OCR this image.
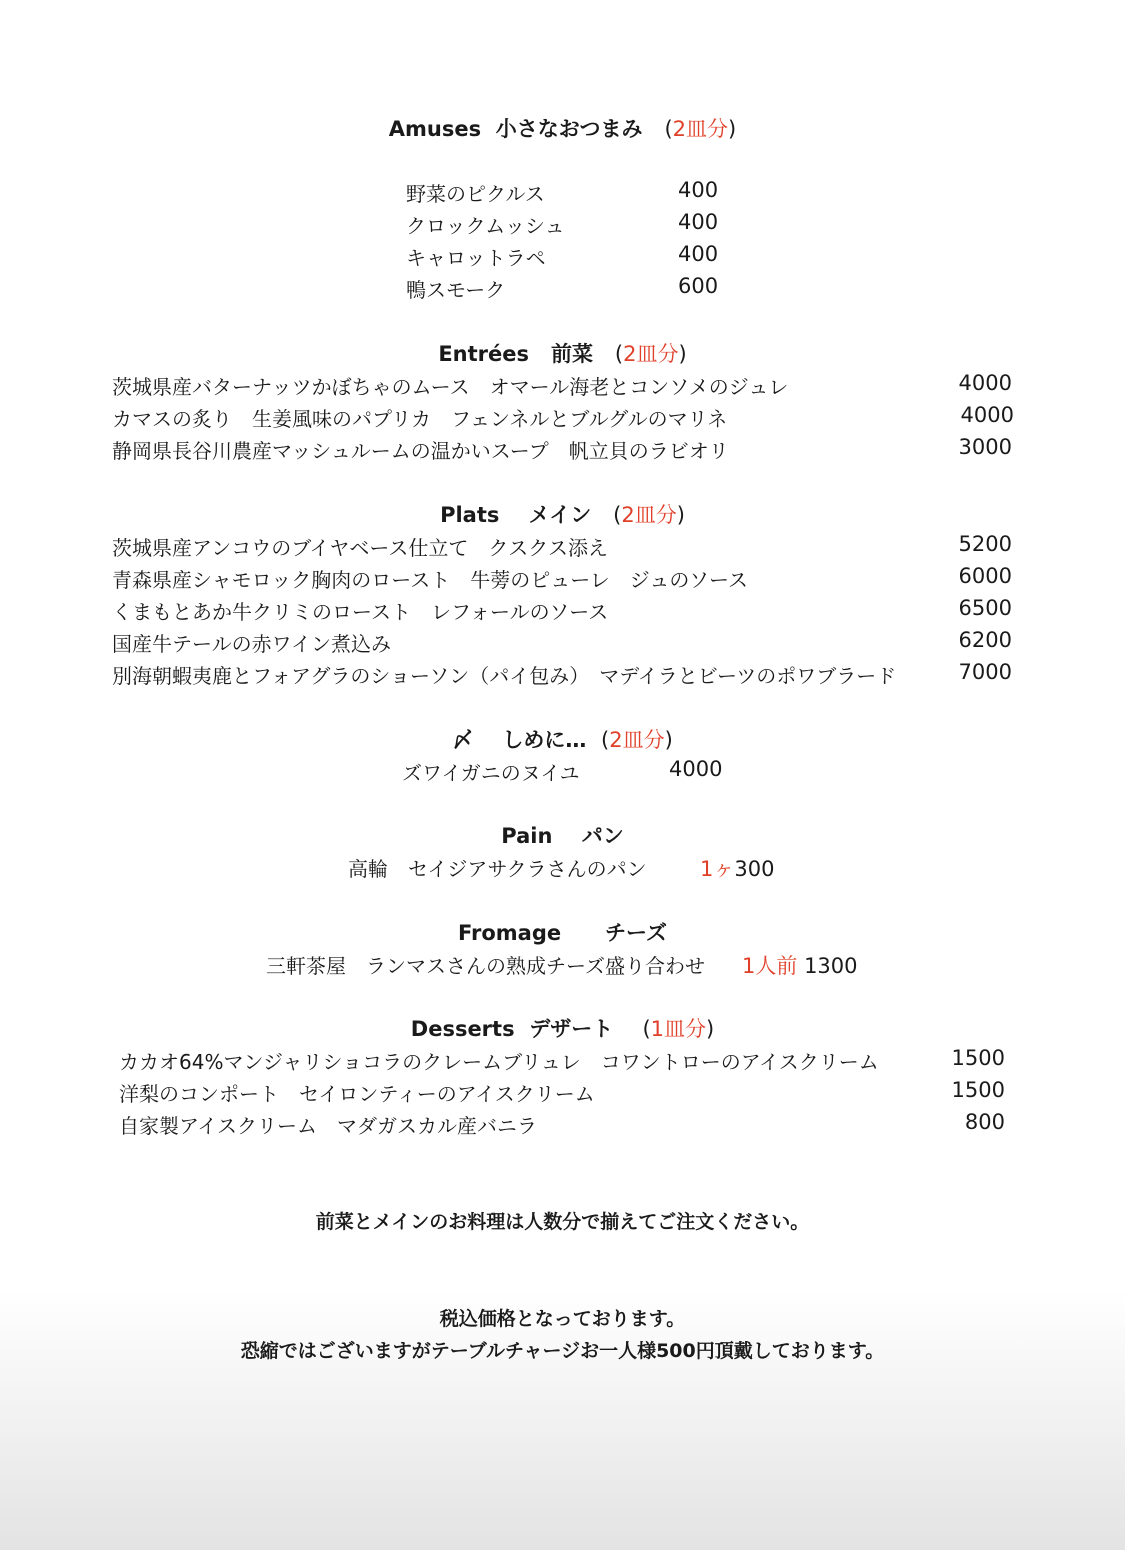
Amuses 小さなおつまみ (2皿分)
野菜のピクルス	400
クロックムッシュ	400
キャロットラペ	400
鴨スモーク	600
Entrées 前菜 (2皿分)
茨城県産バターナッツかぼちゃのムース　オマール海老とコンソメのジュレ	4000
カマスの炙り　生姜風味のパプリカ　フェンネルとブルグルのマリネ	4000
静岡県長谷川農産マッシュルームの温かいスープ　帆立貝のラビオリ	3000
Plats メイン (2皿分)
茨城県産アンコウのブイヤベース仕立て　クスクス添え	5200
青森県産シャモロック胸肉のロースト　牛蒡のピューレ　ジュのソース	6000
くまもとあか牛クリミのロースト　レフォールのソース	6500
国産牛テールの赤ワイン煮込み	6200
別海朝蝦夷鹿とフォアグラのショーソン（パイ包み）　マデイラとビーツのポワブラード	7000
〆 しめに… (2皿分)
ズワイガニのヌイユ	4000
Pain パン
高輪　セイジアサクラさんのパン	1ヶ300
Fromage チーズ
三軒茶屋　ランマスさんの熟成チーズ盛り合わせ 1人前 1300
Desserts デザート (1皿分)
カカオ64%マンジャリショコラのクレームブリュレ　コワントローのアイスクリーム	1500
洋梨のコンポート　セイロンティーのアイスクリーム	1500
自家製アイスクリーム　マダガスカル産バニラ	800
前菜とメインのお料理は人数分で揃えてご注文ください。
税込価格となっております。
恐縮ではございますがテーブルチャージお一人様500円頂戴しております。
